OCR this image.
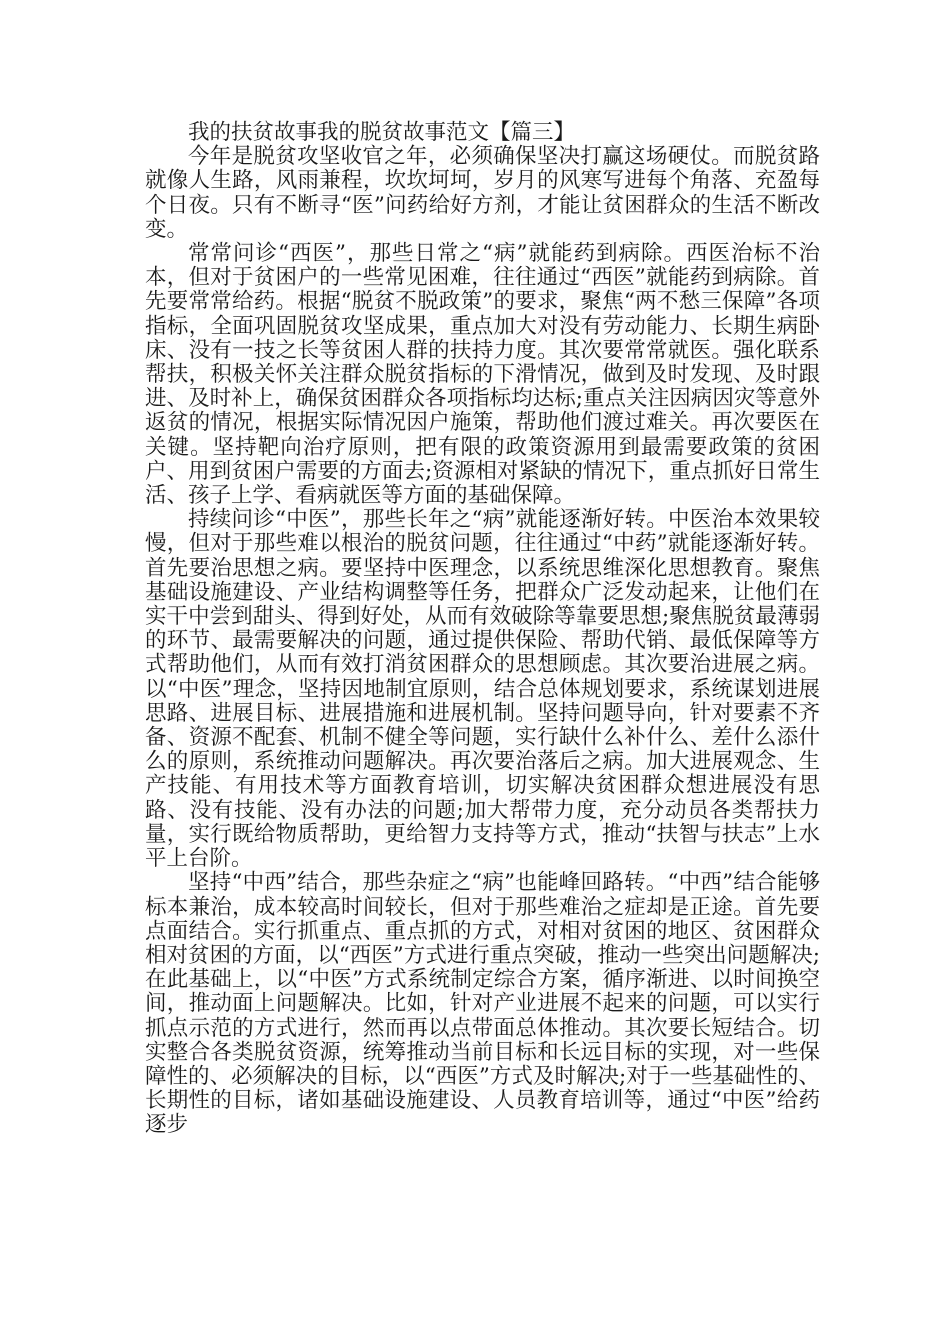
我的扶贫故事我的脱贫故事范文【篇三】

今年是脱贫攻坚收官之年，必须确保坚决打赢这场硬仗。而脱贫路就像人生路，风雨兼程，坎坎坷坷，岁月的风寒写进每个角落、充盈每个日夜。只有不断寻“医”问药给好方剂，才能让贫困群众的生活不断改变。

常常问诊“西医”，那些日常之“病”就能药到病除。西医治标不治本，但对于贫困户的一些常见困难，往往通过“西医”就能药到病除。首先要常常给药。根据“脱贫不脱政策”的要求，聚焦“两不愁三保障”各项指标，全面巩固脱贫攻坚成果，重点加大对没有劳动能力、长期生病卧床、没有一技之长等贫困人群的扶持力度。其次要常常就医。强化联系帮扶，积极关怀关注群众脱贫指标的下滑情况，做到及时发现、及时跟进、及时补上，确保贫困群众各项指标均达标;重点关注因病因灾等意外返贫的情况，根据实际情况因户施策，帮助他们渡过难关。再次要医在关键。坚持靶向治疗原则，把有限的政策资源用到最需要政策的贫困户、用到贫困户需要的方面去;资源相对紧缺的情况下，重点抓好日常生活、孩子上学、看病就医等方面的基础保障。

持续问诊“中医”，那些长年之“病”就能逐渐好转。中医治本效果较慢，但对于那些难以根治的脱贫问题，往往通过“中药”就能逐渐好转。首先要治思想之病。要坚持中医理念，以系统思维深化思想教育。聚焦基础设施建设、产业结构调整等任务，把群众广泛发动起来，让他们在实干中尝到甜头、得到好处，从而有效破除等靠要思想;聚焦脱贫最薄弱的环节、最需要解决的问题，通过提供保险、帮助代销、最低保障等方式帮助他们，从而有效打消贫困群众的思想顾虑。其次要治进展之病。以“中医”理念，坚持因地制宜原则，结合总体规划要求，系统谋划进展思路、进展目标、进展措施和进展机制。坚持问题导向，针对要素不齐备、资源不配套、机制不健全等问题，实行缺什么补什么、差什么添什么的原则，系统推动问题解决。再次要治落后之病。加大进展观念、生产技能、有用技术等方面教育培训，切实解决贫困群众想进展没有思路、没有技能、没有办法的问题;加大帮带力度，充分动员各类帮扶力量，实行既给物质帮助，更给智力支持等方式，推动“扶智与扶志”上水平上台阶。

坚持“中西”结合，那些杂症之“病”也能峰回路转。“中西”结合能够标本兼治，成本较高时间较长，但对于那些难治之症却是正途。首先要点面结合。实行抓重点、重点抓的方式，对相对贫困的地区、贫困群众相对贫困的方面，以“西医”方式进行重点突破，推动一些突出问题解决;在此基础上，以“中医”方式系统制定综合方案，循序渐进、以时间换空间，推动面上问题解决。比如，针对产业进展不起来的问题，可以实行抓点示范的方式进行，然而再以点带面总体推动。其次要长短结合。切实整合各类脱贫资源，统筹推动当前目标和长远目标的实现，对一些保障性的、必须解决的目标，以“西医”方式及时解决;对于一些基础性的、长期性的目标，诸如基础设施建设、人员教育培训等，通过“中医”给药逐步
